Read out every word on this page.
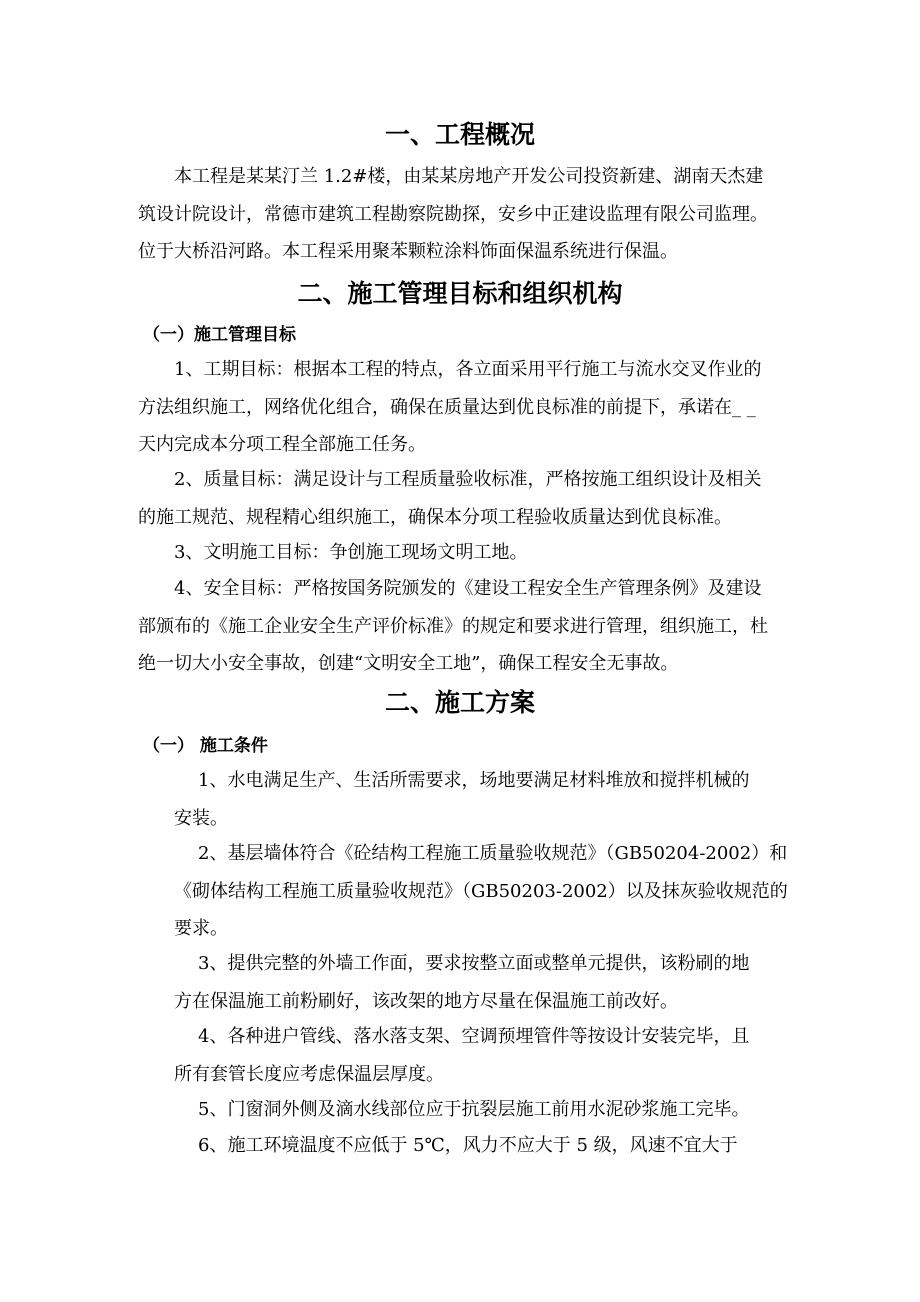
一、工程概况
本工程是某某汀兰 1.2#楼，由某某房地产开发公司投资新建、湖南天杰建
筑设计院设计，常德市建筑工程勘察院勘探，安乡中正建设监理有限公司监理。
位于大桥沿河路。本工程采用聚苯颗粒涂料饰面保温系统进行保温。
二、施工管理目标和组织机构
（一）施工管理目标
1、工期目标：根据本工程的特点，各立面采用平行施工与流水交叉作业的
方法组织施工，网络优化组合，确保在质量达到优良标准的前提下，承诺在_ _
天内完成本分项工程全部施工任务。
2、质量目标：满足设计与工程质量验收标准，严格按施工组织设计及相关
的施工规范、规程精心组织施工，确保本分项工程验收质量达到优良标准。
3、文明施工目标：争创施工现场文明工地。
4、安全目标：严格按国务院颁发的《建设工程安全生产管理条例》及建设
部颁布的《施工企业安全生产评价标准》的规定和要求进行管理，组织施工，杜
绝一切大小安全事故，创建“文明安全工地”，确保工程安全无事故。
二、施工方案
（一） 施工条件
1、水电满足生产、生活所需要求，场地要满足材料堆放和搅拌机械的
安装。
2、基层墙体符合《砼结构工程施工质量验收规范》（GB50204-2002）和
《砌体结构工程施工质量验收规范》（GB50203-2002）以及抹灰验收规范的
要求。
3、提供完整的外墙工作面，要求按整立面或整单元提供，该粉刷的地
方在保温施工前粉刷好，该改架的地方尽量在保温施工前改好。
4、各种进户管线、落水落支架、空调预埋管件等按设计安装完毕，且
所有套管长度应考虑保温层厚度。
5、门窗洞外侧及滴水线部位应于抗裂层施工前用水泥砂浆施工完毕。
6、施工环境温度不应低于 5℃，风力不应大于 5 级，风速不宜大于
